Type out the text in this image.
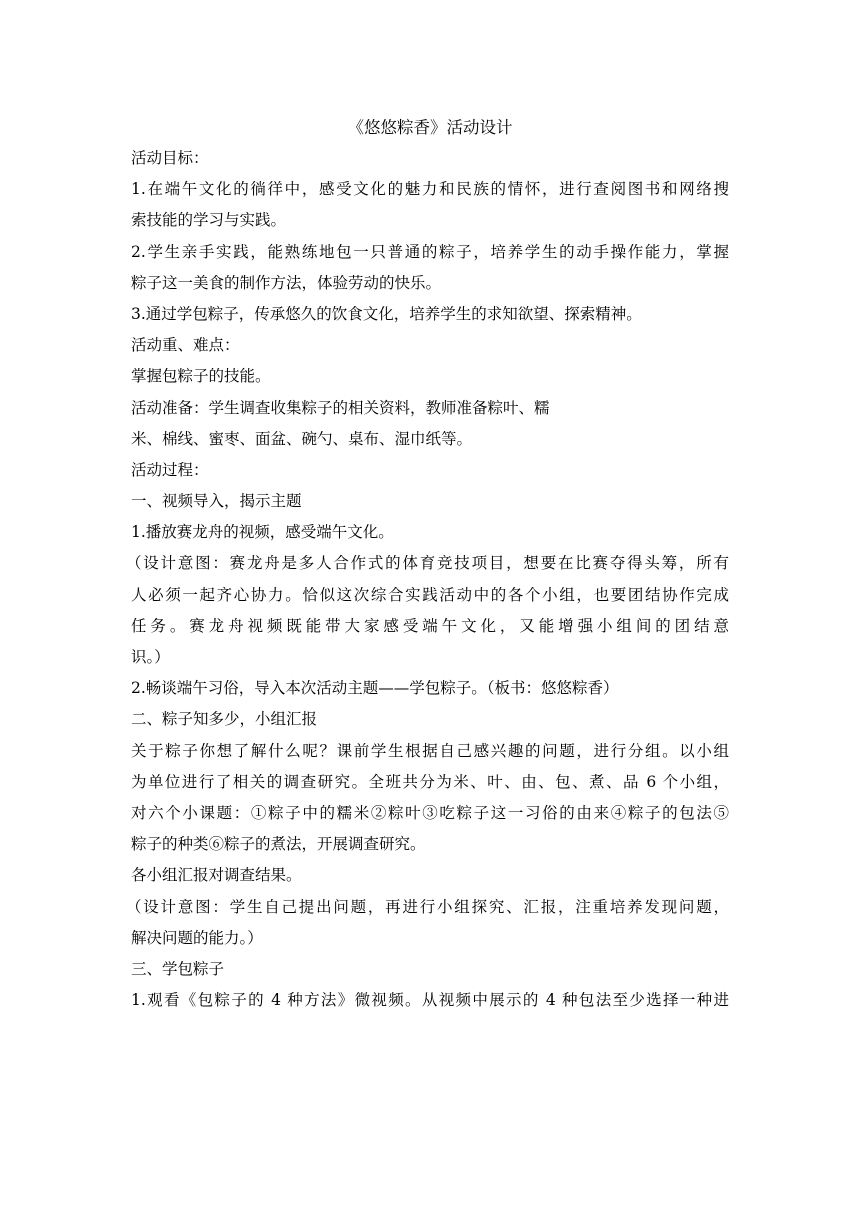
《悠悠粽香》活动设计
活动目标：
1.在端午文化的徜徉中，感受文化的魅力和民族的情怀，进行查阅图书和网络搜
索技能的学习与实践。
2.学生亲手实践，能熟练地包一只普通的粽子，培养学生的动手操作能力，掌握
粽子这一美食的制作方法，体验劳动的快乐。
3.通过学包粽子，传承悠久的饮食文化，培养学生的求知欲望、探索精神。
活动重、难点：
掌握包粽子的技能。
活动准备：学生调查收集粽子的相关资料，教师准备粽叶、糯
米、棉线、蜜枣、面盆、碗勺、桌布、湿巾纸等。
活动过程：
一、视频导入，揭示主题
1.播放赛龙舟的视频，感受端午文化。
（设计意图：赛龙舟是多人合作式的体育竞技项目，想要在比赛夺得头筹，所有
人必须一起齐心协力。恰似这次综合实践活动中的各个小组，也要团结协作完成
任务。赛龙舟视频既能带大家感受端午文化，又能增强小组间的团结意
识。）
2.畅谈端午习俗，导入本次活动主题——学包粽子。（板书：悠悠粽香）
二、粽子知多少，小组汇报
关于粽子你想了解什么呢？课前学生根据自己感兴趣的问题，进行分组。以小组
为单位进行了相关的调查研究。全班共分为米、叶、由、包、煮、品 6 个小组，
对六个小课题：①粽子中的糯米②粽叶③吃粽子这一习俗的由来④粽子的包法⑤
粽子的种类⑥粽子的煮法，开展调查研究。
各小组汇报对调查结果。
（设计意图：学生自己提出问题，再进行小组探究、汇报，注重培养发现问题，
解决问题的能力。）
三、学包粽子
1.观看《包粽子的 4 种方法》微视频。从视频中展示的 4 种包法至少选择一种进
